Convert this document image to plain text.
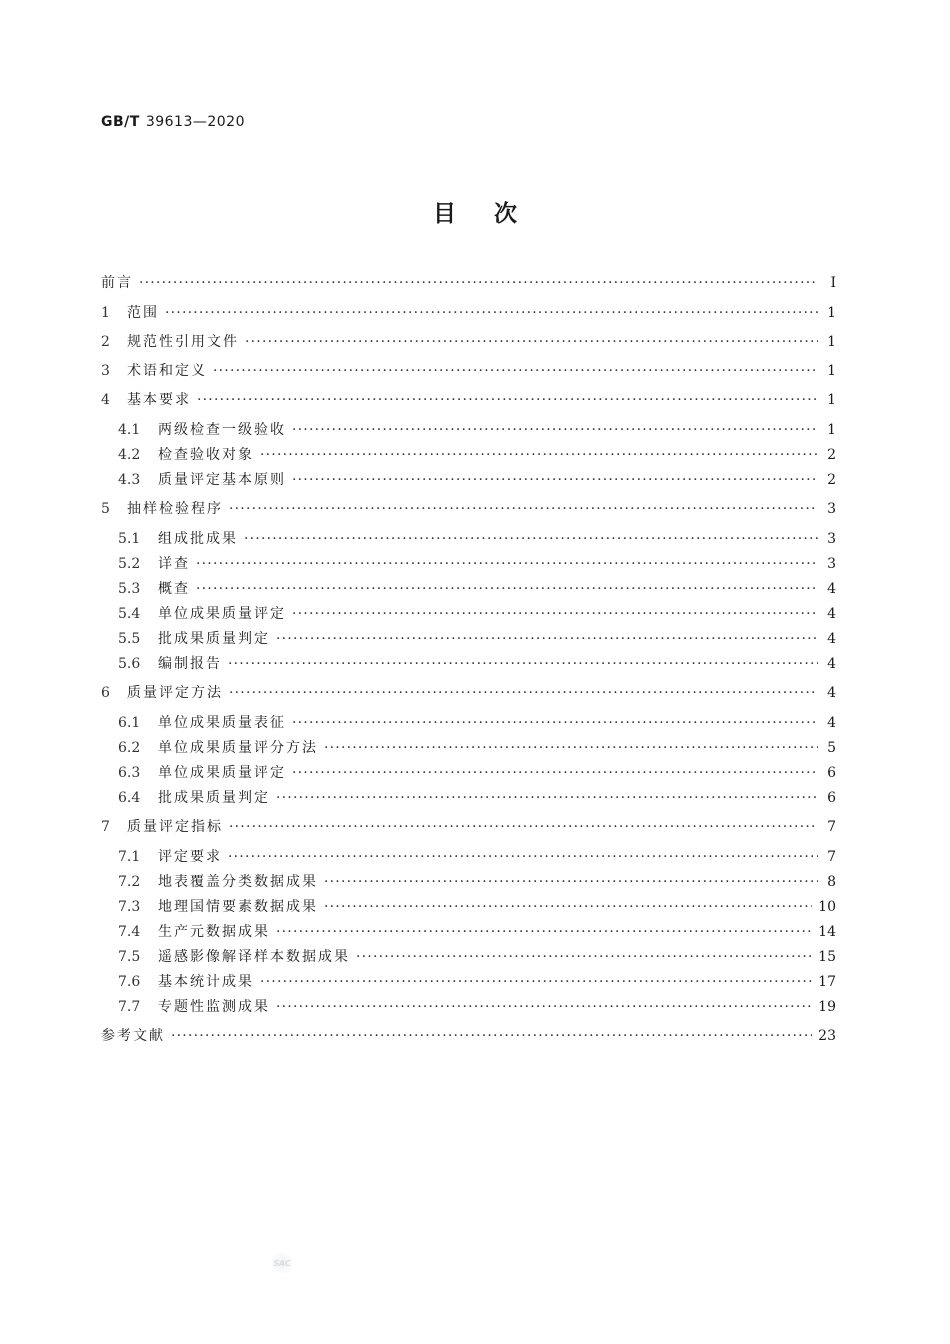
GB/T 39613—2020
目次
前言 ·····	I
1	范围 ·····	1
2	规范性引用文件 ·····	1
3	术语和定义 ·····	1
4	基本要求 ·····	1
4.1	两级检查一级验收 ·····	1
4.2	检查验收对象 ·····	2
4.3	质量评定基本原则 ·····	2
5	抽样检验程序 ·····	3
5.1	组成批成果 ·····	3
5.2	详查 ·····	3
5.3	概查 ·····	4
5.4	单位成果质量评定 ·····	4
5.5	批成果质量判定 ·····	4
5.6	编制报告 ·····	4
6	质量评定方法 ·····	4
6.1	单位成果质量表征 ·····	4
6.2	单位成果质量评分方法 ·····	5
6.3	单位成果质量评定 ·····	6
6.4	批成果质量判定 ·····	6
7	质量评定指标 ·····	7
7.1	评定要求 ·····	7
7.2	地表覆盖分类数据成果 ·····	8
7.3	地理国情要素数据成果 ·····	10
7.4	生产元数据成果 ·····	14
7.5	遥感影像解译样本数据成果 ·····	15
7.6	基本统计成果 ·····	17
7.7	专题性监测成果 ·····	19
参考文献 ·····	23
SAC
